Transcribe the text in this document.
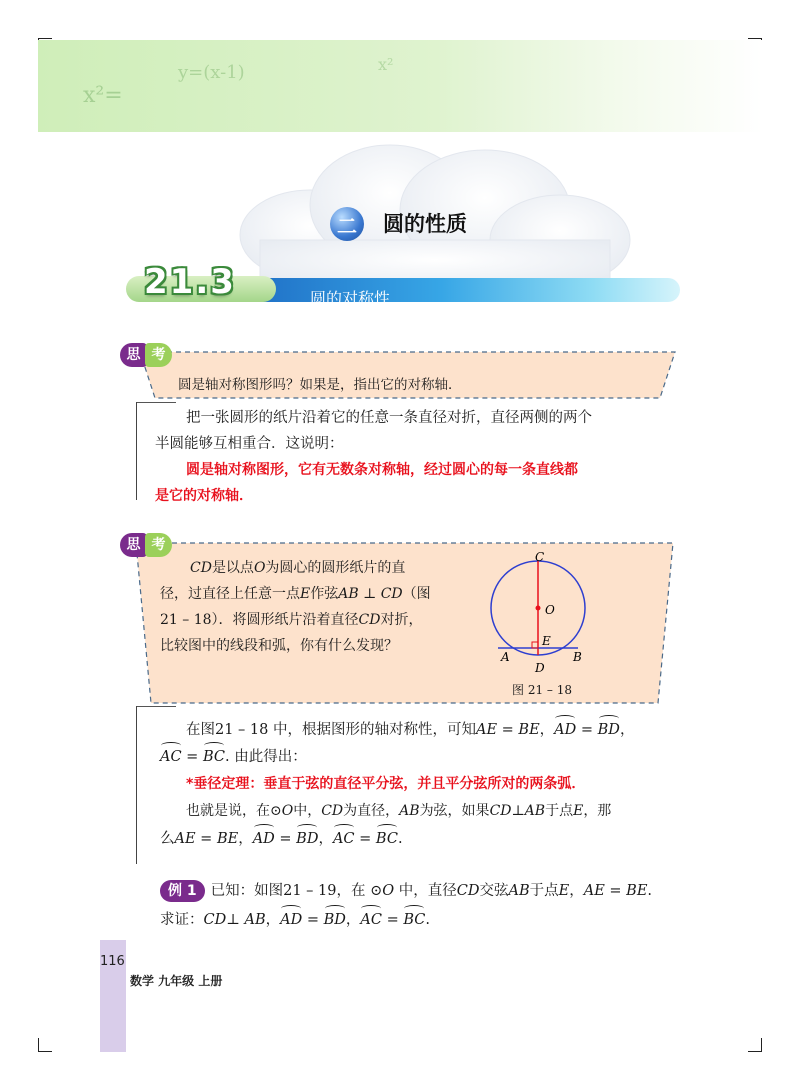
x²=
y=(x-1)	x²
二	圆的性质
21.3	圆的对称性
思 考
圆是轴对称图形吗？如果是，指出它的对称轴．
把一张圆形的纸片沿着它的任意一条直径对折，直径两侧的两个
半圆能够互相重合．这说明：
圆是轴对称图形，它有无数条对称轴，经过圆心的每一条直线都
是它的对称轴．
思 考
CD是以点O为圆心的圆形纸片的直
径，过直径上任意一点E作弦AB ⊥ CD（图
21 – 18）．将圆形纸片沿着直径CD对折，
比较图中的线段和弧，你有什么发现？
C
O
E
A	B
D
图 21 – 18
在图21 – 18 中，根据图形的轴对称性，可知AE = BE，AD = BD，
AC = BC. 由此得出：
*垂径定理：垂直于弦的直径平分弦，并且平分弦所对的两条弧．
也就是说，在⊙O中，CD为直径，AB为弦，如果CD⊥AB于点E，那
么AE = BE，AD = BD，AC = BC.
例 1 已知：如图21 – 19，在 ⊙O 中，直径CD交弦AB于点E，AE = BE.
求证：CD⊥ AB，AD = BD，AC = BC.
116
数学 九年级 上册
